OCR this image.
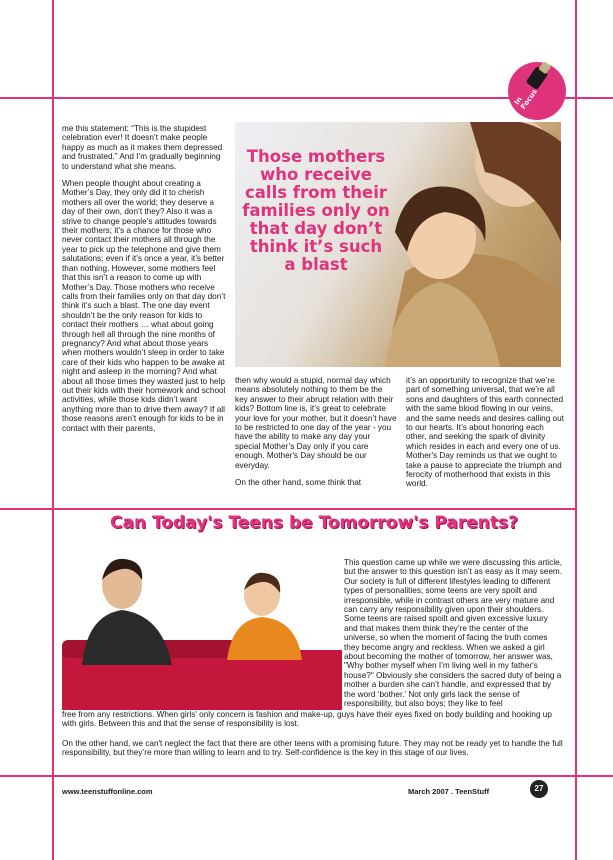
In Focus

me this statement: “This is the stupidest celebration ever! It doesn’t make people happy as much as it makes them depressed and frustrated.” And I’m gradually beginning to understand what she means.

When people thought about creating a Mother’s Day, they only did it to cherish mothers all over the world; they deserve a day of their own, don’t they? Also it was a strive to change people’s attitudes towards their mothers; it’s a chance for those who never contact their mothers all through the year to pick up the telephone and give them salutations; even if it’s once a year, it’s better than nothing. However, some mothers feel that this isn’t a reason to come up with Mother’s Day. Those mothers who receive calls from their families only on that day don’t think it’s such a blast. The one day event shouldn’t be the only reason for kids to contact their mothers … what about going through hell all through the nine months of pregnancy? And what about those years when mothers wouldn’t sleep in order to take care of their kids who happen to be awake at night and asleep in the morning? And what about all those times they wasted just to help out their kids with their homework and school activities, while those kids didn’t want anything more than to drive them away? If all those reasons aren’t enough for kids to be in contact with their parents,

Those mothers who receive calls from their families only on that day don’t think it’s such a blast

then why would a stupid, normal day which means absolutely nothing to them be the key answer to their abrupt relation with their kids? Bottom line is, it’s great to celebrate your love for your mother, but it doesn’t have to be restricted to one day of the year - you have the ability to make any day your special Mother’s Day only if you care enough. Mother's Day should be our everyday.

On the other hand, some think that

it’s an opportunity to recognize that we’re part of something universal, that we’re all sons and daughters of this earth connected with the same blood flowing in our veins, and the same needs and desires calling out to our hearts. It’s about honoring each other, and seeking the spark of divinity which resides in each and every one of us. Mother's Day reminds us that we ought to take a pause to appreciate the triumph and ferocity of motherhood that exists in this world.

Can Today's Teens be Tomorrow's Parents?

This question came up while we were discussing this article, but the answer to this question isn’t as easy as it may seem. Our society is full of different lifestyles leading to different types of personalities; some teens are very spoilt and irresponsible, while in contrast others are very mature and can carry any responsibility given upon their shoulders. Some teens are raised spoilt and given excessive luxury and that makes them think they’re the center of the universe, so when the moment of facing the truth comes they become angry and reckless. When we asked a girl about becoming the mother of tomorrow, her answer was, "Why bother myself when I’m living well in my father's house?" Obviously she considers the sacred duty of being a mother a burden she can’t handle, and expressed that by the word ‘bother.’ Not only girls lack the sense of responsibility, but also boys; they like to feel

free from any restrictions. When girls' only concern is fashion and make-up, guys have their eyes fixed on body building and hooking up with girls. Between this and that the sense of responsibility is lost.

On the other hand, we can't neglect the fact that there are other teens with a promising future. They may not be ready yet to handle the full responsibility, but they’re more than willing to learn and to try. Self-confidence is the key in this stage of our lives.

www.teenstuffonline.com	March 2007 . TeenStuff	27
